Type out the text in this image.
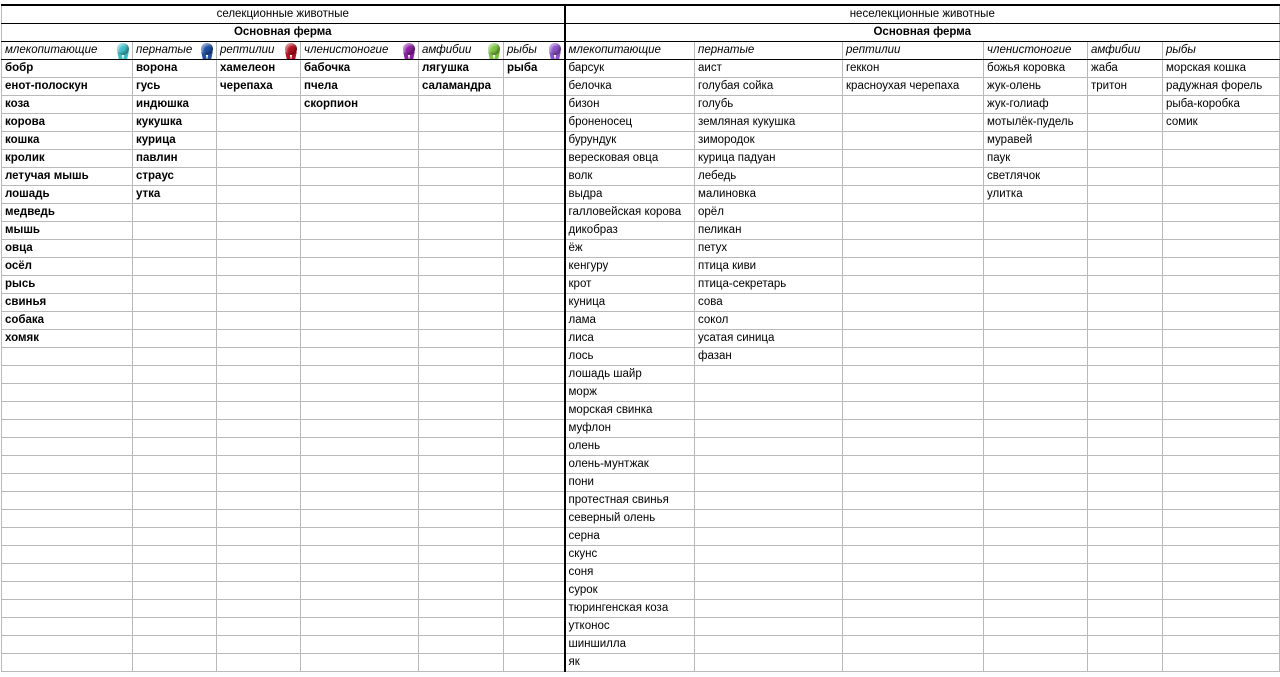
селекционные животные						неселекционные животные					
Основная ферма						Основная ферма					
млекопитающие	пернатые	рептилии	членистоногие	амфибии	рыбы	млекопитающие	пернатые	рептилии	членистоногие	амфибии	рыбы
бобр	ворона	хамелеон	бабочка	лягушка	рыба	барсук	аист	геккон	божья коровка	жаба	морская кошка
енот-полоскун	гусь	черепаха	пчела	саламандра		белочка	голубая сойка	красноухая черепаха	жук-олень	тритон	радужная форель
коза	индюшка		скорпион			бизон	голубь		жук-голиаф		рыба-коробка
корова	кукушка					броненосец	земляная кукушка		мотылёк-пудель		сомик
кошка	курица					бурундук	зимородок		муравей		
кролик	павлин					вересковая овца	курица падуан		паук		
летучая мышь	страус					волк	лебедь		светлячок		
лошадь	утка					выдра	малиновка		улитка		
медведь						галловейская корова	орёл				
мышь						дикобраз	пеликан				
овца						ёж	петух				
осёл						кенгуру	птица киви				
рысь						крот	птица-секретарь				
свинья						куница	сова				
собака						лама	сокол				
хомяк						лиса	усатая синица				
						лось	фазан				
						лошадь шайр					
						морж					
						морская свинка					
						муфлон					
						олень					
						олень-мунтжак					
						пони					
						протестная свинья					
						северный олень					
						серна					
						скунс					
						соня					
						сурок					
						тюрингенская коза					
						утконос					
						шиншилла					
						як					
